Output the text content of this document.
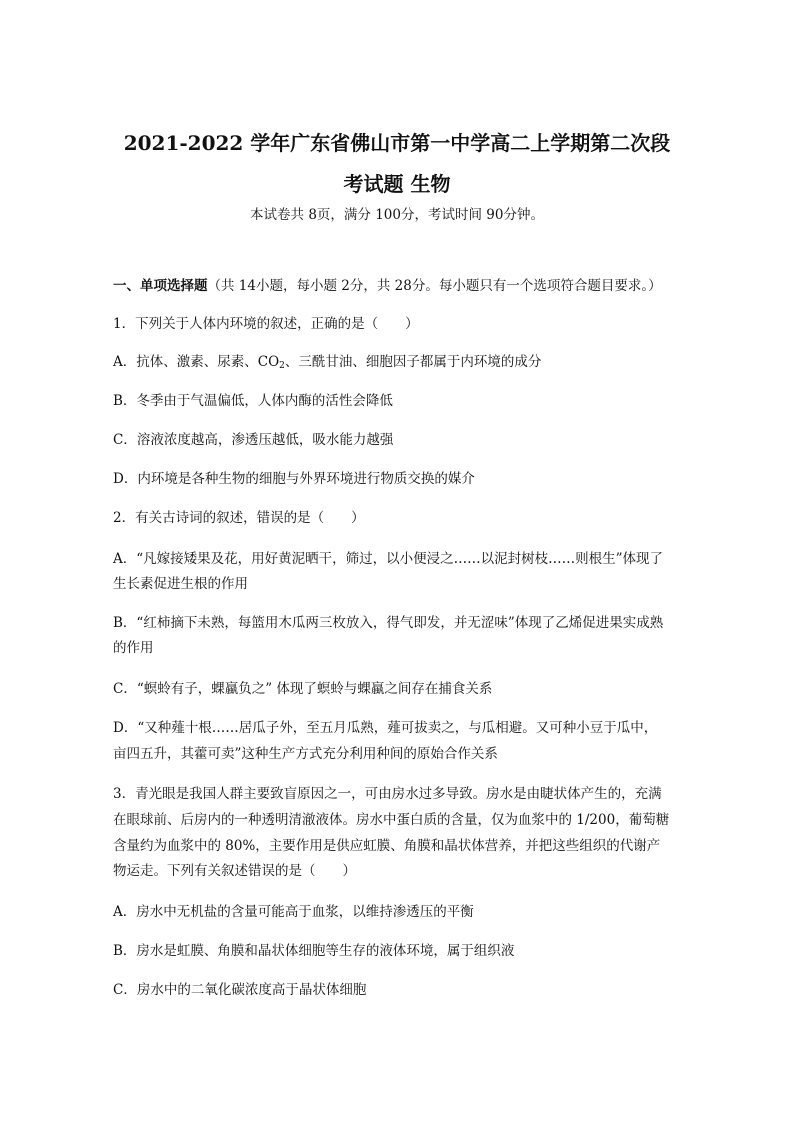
2021-2022 学年广东省佛山市第一中学高二上学期第二次段
考试题 生物
本试卷共 8页，满分 100分，考试时间 90分钟。
一、单项选择题（共 14小题，每小题 2分，共 28分。每小题只有一个选项符合题目要求。）
1．下列关于人体内环境的叙述，正确的是（　　）
A．抗体、激素、尿素、$CO_2$、三酰甘油、细胞因子都属于内环境的成分
B．冬季由于气温偏低，人体内酶的活性会降低
C．溶液浓度越高，渗透压越低，吸水能力越强
D．内环境是各种生物的细胞与外界环境进行物质交换的媒介
2．有关古诗词的叙述，错误的是（　　）
A．“凡嫁接矮果及花，用好黄泥晒干，筛过，以小便浸之……以泥封树枝……则根生”体现了
生长素促进生根的作用
B．“红柿摘下未熟，每篮用木瓜两三枚放入，得气即发，并无涩味”体现了乙烯促进果实成熟
的作用
C．“螟蛉有子，蜾蠃负之” 体现了螟蛉与蜾蠃之间存在捕食关系
D．“又种薤十根……居瓜子外，至五月瓜熟，薤可拔卖之，与瓜相避。又可种小豆于瓜中，
亩四五升，其藿可卖”这种生产方式充分利用种间的原始合作关系
3．青光眼是我国人群主要致盲原因之一，可由房水过多导致。房水是由睫状体产生的，充满
在眼球前、后房内的一种透明清澈液体。房水中蛋白质的含量，仅为血浆中的 1/200，葡萄糖
含量约为血浆中的 80%，主要作用是供应虹膜、角膜和晶状体营养，并把这些组织的代谢产
物运走。下列有关叙述错误的是（　　）
A．房水中无机盐的含量可能高于血浆，以维持渗透压的平衡
B．房水是虹膜、角膜和晶状体细胞等生存的液体环境，属于组织液
C．房水中的二氧化碳浓度高于晶状体细胞
